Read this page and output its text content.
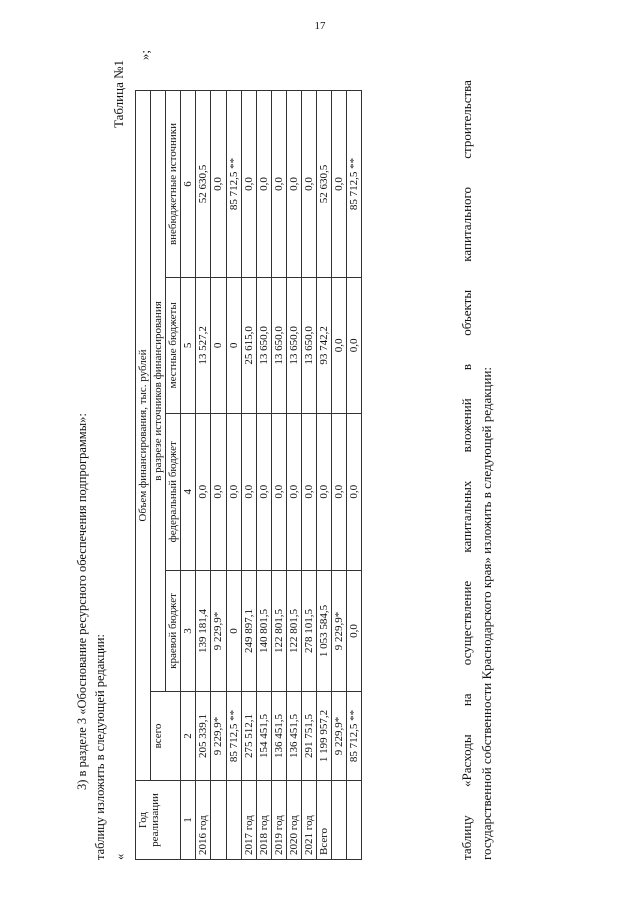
17
3) в разделе 3 «Обоснование ресурсного обеспечения подпрограммы»: таблицу изложить в следующей редакции: «
Таблица №1
Год реализации	Объем финансирования, тыс. рублей				
	всего	в разрезе источников финансирования			
		краевой бюджет	федеральный бюджет	местные бюджеты	внебюджетные источники
1	2	3	4	5	6
2016 год	205 339,1	139 181,4	0,0	13 527,2	52 630,5
	9 229,9*	9 229,9*	0,0	0	0,0
	85 712,5 **	0	0,0	0	85 712,5 **
2017 год	275 512,1	249 897,1	0,0	25 615,0	0,0
2018 год	154 451,5	140 801,5	0,0	13 650,0	0,0
2019 год	136 451,5	122 801,5	0,0	13 650,0	0,0
2020 год	136 451,5	122 801,5	0,0	13 650,0	0,0
2021 год	291 751,5	278 101,5	0,0	13 650,0	0,0
Всего	1 199 957,2	1 053 584,5	0,0	93 742,2	52 630,5
	9 229,9*	9 229,9*	0,0	0,0	0,0
	85 712,5 **	0,0	0,0	0,0	85 712,5 **
»;
таблицу
«Расходы
на
осуществление
капитальных
вложений
в
объекты
капитального
строительства
государственной собственности Краснодарского края» изложить в следующей редакции:
